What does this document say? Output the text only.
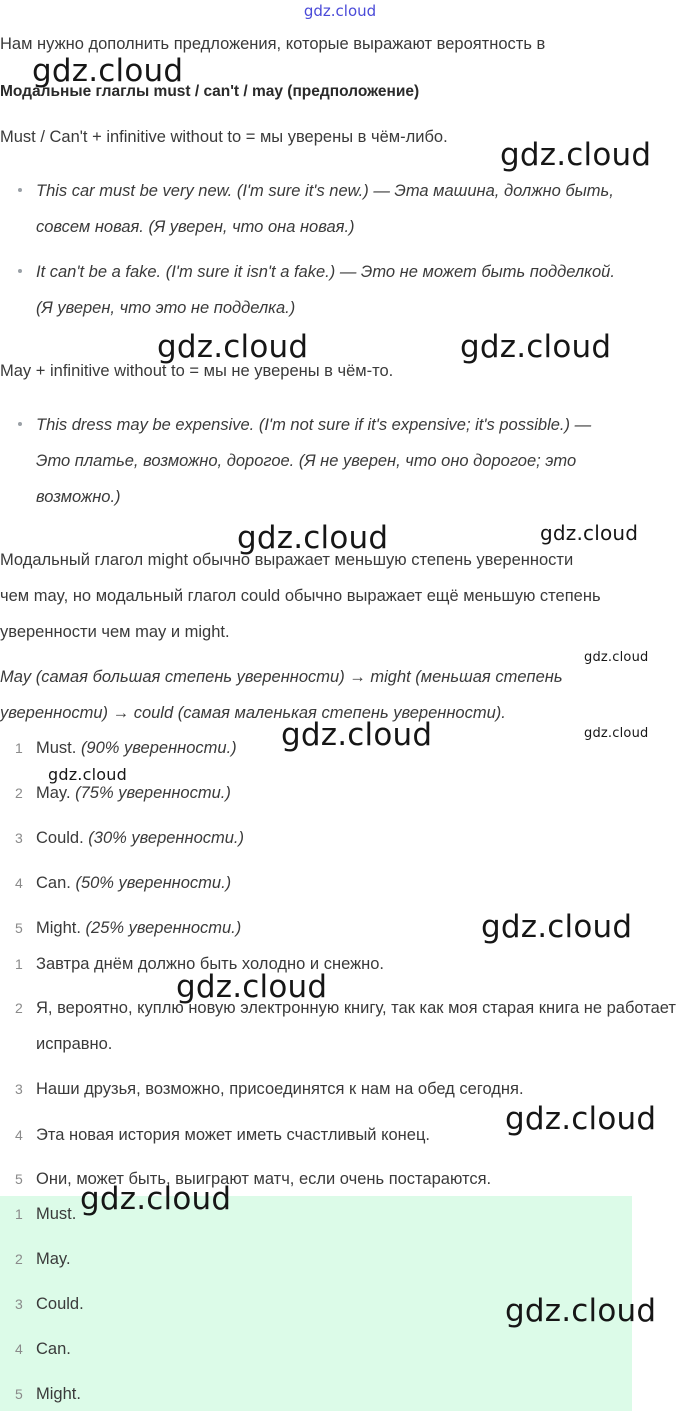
gdz.cloud
Нам нужно дополнить предложения, которые выражают вероятность в
Модальные глаглы must / can't / may (предположение)
Must / Can't + infinitive without to = мы уверены в чём-либо.
This car must be very new. (I'm sure it's new.) — Эта машина, должно быть,
совсем новая. (Я уверен, что она новая.)
It can't be a fake. (I'm sure it isn't a fake.) — Это не может быть подделкой.
(Я уверен, что это не подделка.)
May + infinitive without to = мы не уверены в чём-то.
This dress may be expensive. (I'm not sure if it's expensive; it's possible.) —
Это платье, возможно, дорогое. (Я не уверен, что оно дорогое; это
возможно.)
Модальный глагол might обычно выражает меньшую степень уверенности
чем may, но модальный глагол could обычно выражает ещё меньшую степень
уверенности чем may и might.
May (самая большая степень уверенности) → might (меньшая степень
уверенности) → could (самая маленькая степень уверенности).
1 Must. (90% уверенности.)
2 May. (75% уверенности.)
3 Could. (30% уверенности.)
4 Can. (50% уверенности.)
5 Might. (25% уверенности.)
1 Завтра днём должно быть холодно и снежно.
2 Я, вероятно, куплю новую электронную книгу, так как моя старая книга не работает исправно.
3 Наши друзья, возможно, присоединятся к нам на обед сегодня.
4 Эта новая история может иметь счастливый конец.
5 Они, может быть, выиграют матч, если очень постараются.
1 Must.
2 May.
3 Could.
4 Can.
5 Might.
gdz.cloud
gdz.cloud
gdz.cloud	gdz.cloud
gdz.cloud	gdz.cloud
gdz.cloud
gdz.cloud	gdz.cloud
gdz.cloud
gdz.cloud
gdz.cloud
gdz.cloud
gdz.cloud
gdz.cloud
